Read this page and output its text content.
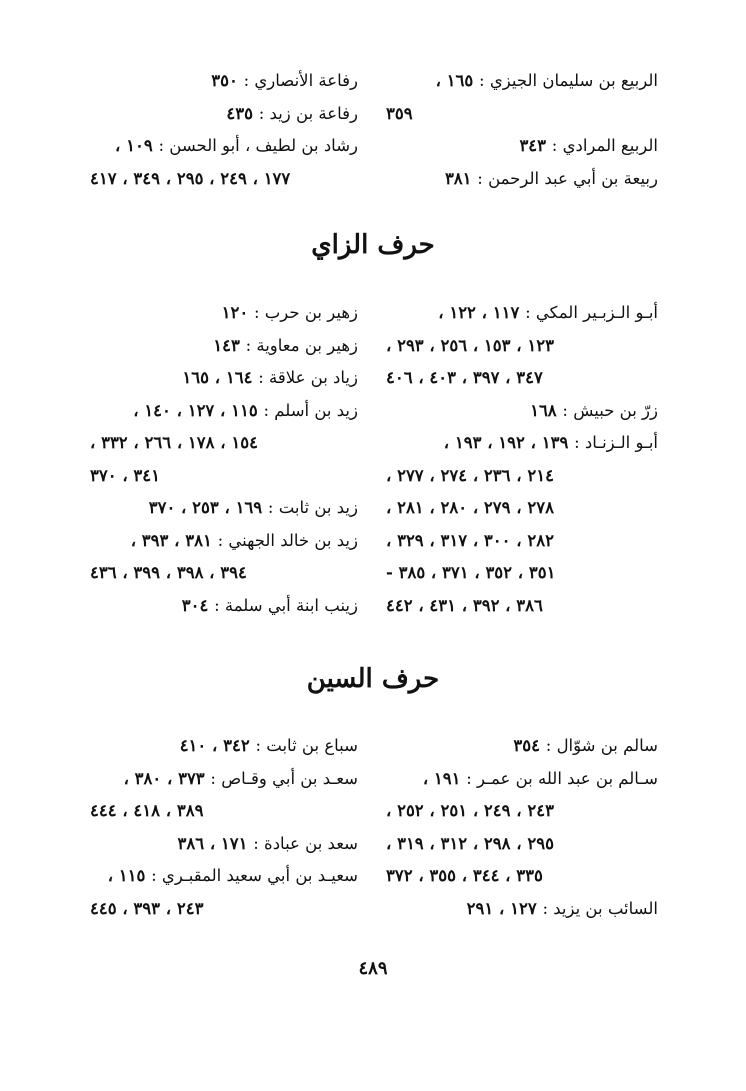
الربيع بن سليمان الجيزي : ١٦٥ ،
٣٥٩
الربيع المرادي : ٣٤٣
ربيعة بن أبي عبد الرحمن : ٣٨١
رفاعة الأنصاري : ٣٥٠
رفاعة بن زيد : ٤٣٥
رشاد بن لطيف ، أبو الحسن : ١٠٩ ،
١٧٧ ، ٢٤٩ ، ٢٩٥ ، ٣٤٩ ، ٤١٧
حرف الزاي
أبـو الـزبـير المكي : ١١٧ ، ١٢٢ ،
١٢٣ ، ١٥٣ ، ٢٥٦ ، ٢٩٣ ،
٣٤٧ ، ٣٩٧ ، ٤٠٣ ، ٤٠٦
زرّ بن حبيش : ١٦٨
أبـو الـزنـاد : ١٣٩ ، ١٩٢ ، ١٩٣ ،
٢١٤ ، ٢٣٦ ، ٢٧٤ ، ٢٧٧ ،
٢٧٨ ، ٢٧٩ ، ٢٨٠ ، ٢٨١ ،
٢٨٢ ، ٣٠٠ ، ٣١٧ ، ٣٢٩ ،
٣٥١ ، ٣٥٢ ، ٣٧١ ، ٣٨٥ -
٣٨٦ ، ٣٩٢ ، ٤٣١ ، ٤٤٢
زهير بن حرب : ١٢٠
زهير بن معاوية : ١٤٣
زياد بن علاقة : ١٦٤ ، ١٦٥
زيد بن أسلم : ١١٥ ، ١٢٧ ، ١٤٠ ،
١٥٤ ، ١٧٨ ، ٢٦٦ ، ٣٣٢ ،
٣٤١ ، ٣٧٠
زيد بن ثابت : ١٦٩ ، ٢٥٣ ، ٣٧٠
زيد بن خالد الجهني : ٣٨١ ، ٣٩٣ ،
٣٩٤ ، ٣٩٨ ، ٣٩٩ ، ٤٣٦
زينب ابنة أبي سلمة : ٣٠٤
حرف السين
سالم بن شوّال : ٣٥٤
سـالم بن عبد الله بن عمـر : ١٩١ ،
٢٤٣ ، ٢٤٩ ، ٢٥١ ، ٢٥٢ ،
٢٩٥ ، ٢٩٨ ، ٣١٢ ، ٣١٩ ،
٣٣٥ ، ٣٤٤ ، ٣٥٥ ، ٣٧٢
السائب بن يزيد : ١٢٧ ، ٢٩١
سباع بن ثابت : ٣٤٢ ، ٤١٠
سعـد بن أبي وقـاص : ٣٧٣ ، ٣٨٠ ،
٣٨٩ ، ٤١٨ ، ٤٤٤
سعد بن عبادة : ١٧١ ، ٣٨٦
سعيـد بن أبي سعيد المقبـري : ١١٥ ،
٢٤٣ ، ٣٩٣ ، ٤٤٥
٤٨٩
